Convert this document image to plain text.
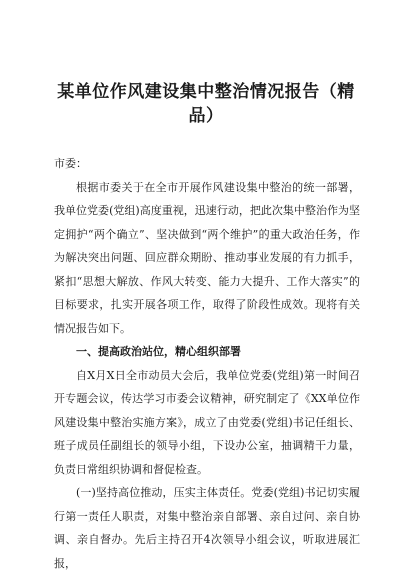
某单位作风建设集中整治情况报告（精品）

市委：

根据市委关于在全市开展作风建设集中整治的统一部署，我单位党委(党组)高度重视，迅速行动，把此次集中整治作为坚定拥护“两个确立”、坚决做到“两个维护”的重大政治任务，作为解决突出问题、回应群众期盼、推动事业发展的有力抓手，紧扣“思想大解放、作风大转变、能力大提升、工作大落实”的目标要求，扎实开展各项工作，取得了阶段性成效。现将有关情况报告如下。

一、提高政治站位，精心组织部署

自X月X日全市动员大会后，我单位党委(党组)第一时间召开专题会议，传达学习市委会议精神，研究制定了《XX单位作风建设集中整治实施方案》，成立了由党委(党组)书记任组长、班子成员任副组长的领导小组，下设办公室，抽调精干力量，负责日常组织协调和督促检查。

(一)坚持高位推动，压实主体责任。党委(党组)书记切实履行第一责任人职责，对集中整治亲自部署、亲自过问、亲自协调、亲自督办。先后主持召开4次领导小组会议，听取进展汇报，
